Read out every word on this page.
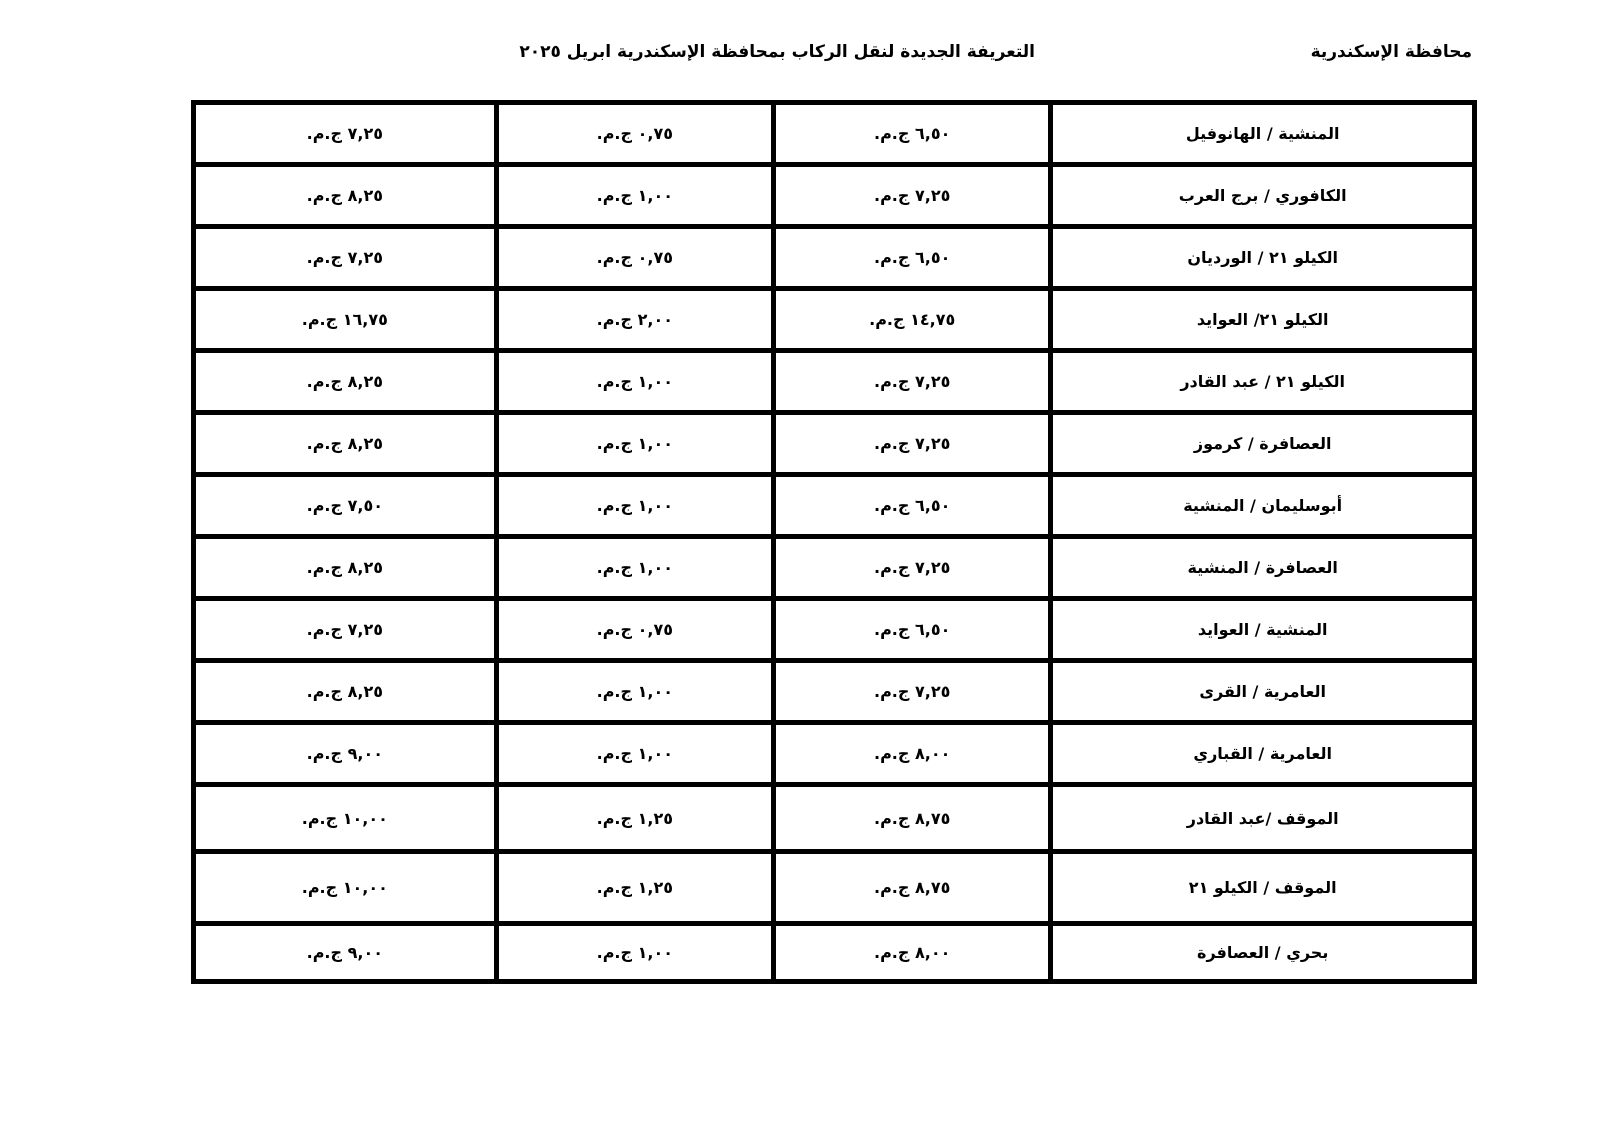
محافظة الإسكندرية
التعريفة الجديدة لنقل الركاب بمحافظة الإسكندرية ابريل ٢٠٢٥
المنشية / الهانوفيل	٦,٥٠ ج.م.	٠,٧٥ ج.م.	٧,٢٥ ج.م.
الكافوري / برج العرب	٧,٢٥ ج.م.	١,٠٠ ج.م.	٨,٢٥ ج.م.
الكيلو ٢١ / الورديان	٦,٥٠ ج.م.	٠,٧٥ ج.م.	٧,٢٥ ج.م.
الكيلو ٢١/ العوايد	١٤,٧٥ ج.م.	٢,٠٠ ج.م.	١٦,٧٥ ج.م.
الكيلو ٢١ / عبد القادر	٧,٢٥ ج.م.	١,٠٠ ج.م.	٨,٢٥ ج.م.
العصافرة / كرموز	٧,٢٥ ج.م.	١,٠٠ ج.م.	٨,٢٥ ج.م.
أبوسليمان / المنشية	٦,٥٠ ج.م.	١,٠٠ ج.م.	٧,٥٠ ج.م.
العصافرة / المنشية	٧,٢٥ ج.م.	١,٠٠ ج.م.	٨,٢٥ ج.م.
المنشية / العوايد	٦,٥٠ ج.م.	٠,٧٥ ج.م.	٧,٢٥ ج.م.
العامرية / القرى	٧,٢٥ ج.م.	١,٠٠ ج.م.	٨,٢٥ ج.م.
العامرية / القباري	٨,٠٠ ج.م.	١,٠٠ ج.م.	٩,٠٠ ج.م.
الموقف /عبد القادر	٨,٧٥ ج.م.	١,٢٥ ج.م.	١٠,٠٠ ج.م.
الموقف / الكيلو ٢١	٨,٧٥ ج.م.	١,٢٥ ج.م.	١٠,٠٠ ج.م.
بحري / العصافرة	٨,٠٠ ج.م.	١,٠٠ ج.م.	٩,٠٠ ج.م.
